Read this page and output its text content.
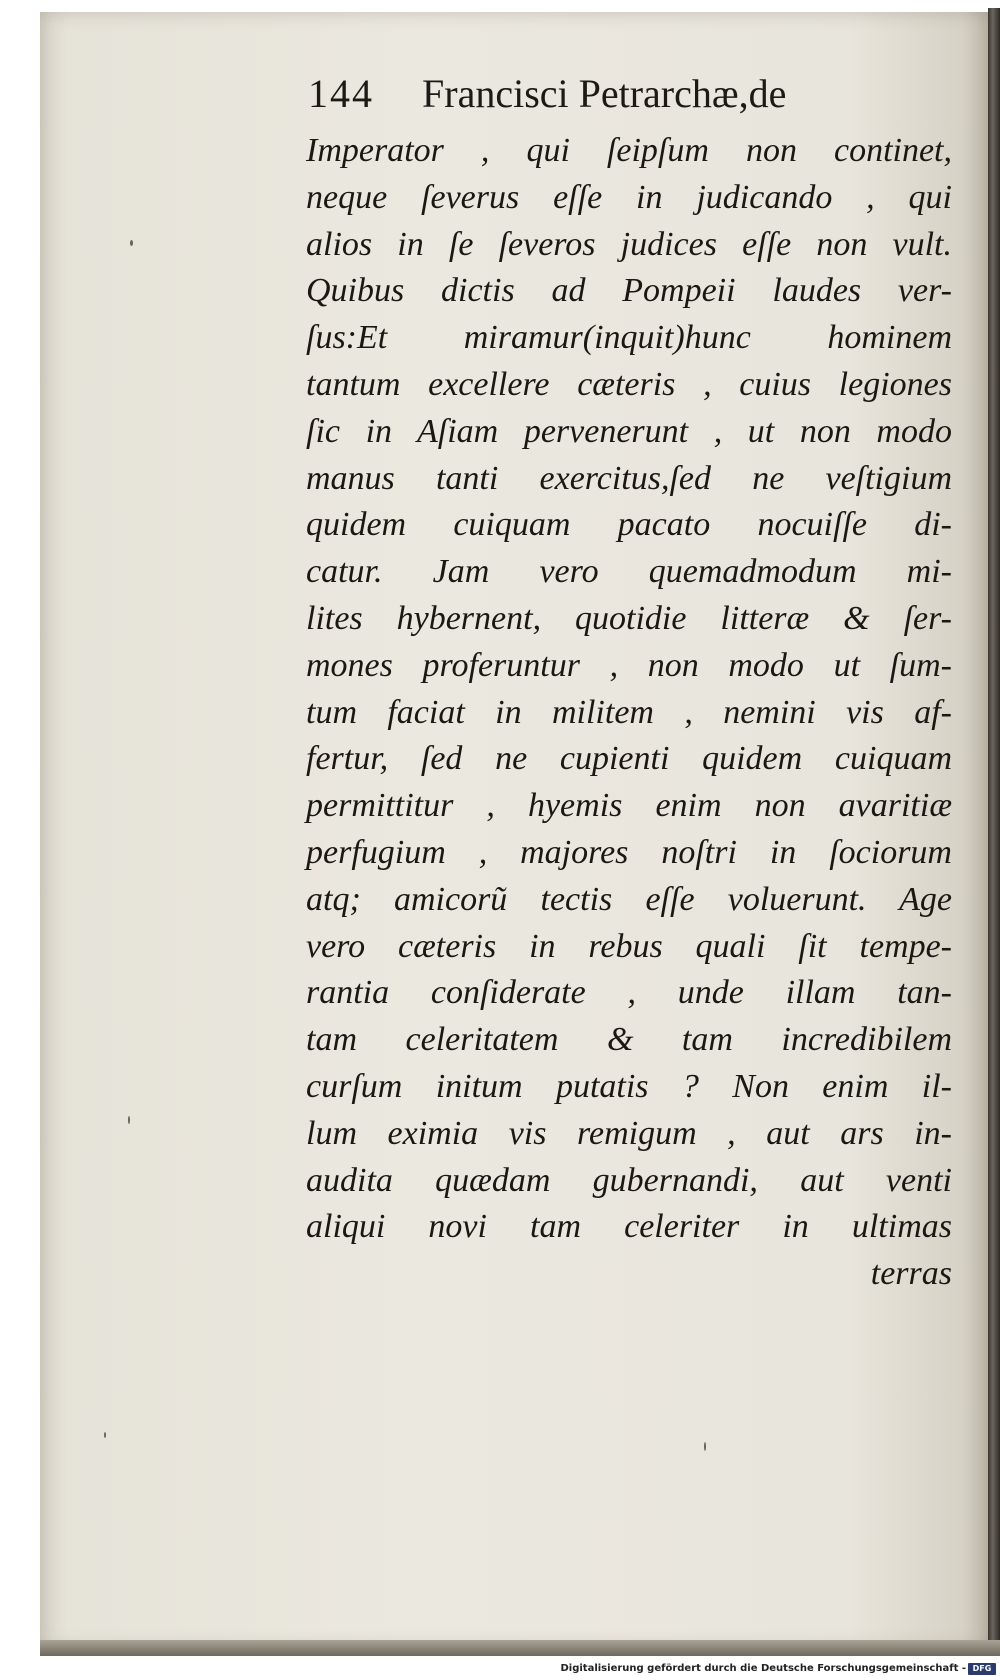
144 Francisci Petrarchæ,de
Imperator , qui ſeipſum non continet,
neque ſeverus eſſe in judicando , qui
alios in ſe ſeveros judices eſſe non vult.
Quibus dictis ad Pompeii laudes ver-
ſus:Et miramur(inquit)hunc hominem
tantum excellere cæteris , cuius legiones
ſic in Aſiam pervenerunt , ut non modo
manus tanti exercitus,ſed ne veſtigium
quidem cuiquam pacato nocuiſſe di-
catur. Jam vero quemadmodum mi-
lites hybernent, quotidie litteræ & ſer-
mones proferuntur , non modo ut ſum-
tum faciat in militem , nemini vis af-
fertur, ſed ne cupienti quidem cuiquam
permittitur , hyemis enim non avaritiæ
perfugium , majores noſtri in ſociorum
atq; amicorũ tectis eſſe voluerunt. Age
vero cæteris in rebus quali ſit tempe-
rantia conſiderate , unde illam tan-
tam celeritatem & tam incredibilem
curſum initum putatis ? Non enim il-
lum eximia vis remigum , aut ars in-
audita quædam gubernandi, aut venti
aliqui novi tam celeriter in ultimas
terras
Digitalisierung gefördert durch die Deutsche Forschungsgemeinschaft - DFG
